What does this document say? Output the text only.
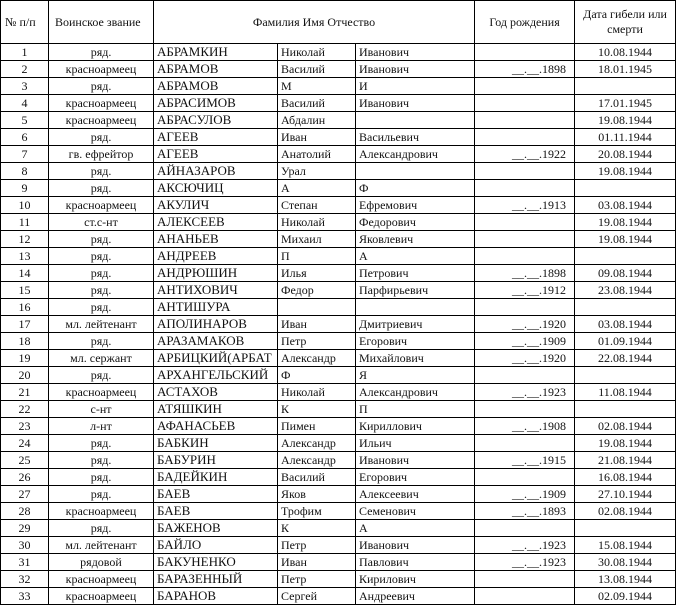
№ п/п	Воинское звание	Фамилия Имя Отчество			Год рождения	Дата гибели или смерти
1	ряд.	АБРАМКИН	Николай	Иванович		10.08.1944
2	красноармеец	АБРАМОВ	Василий	Иванович	__.__.1898	18.01.1945
3	ряд.	АБРАМОВ	М	И		
4	красноармеец	АБРАСИМОВ	Василий	Иванович		17.01.1945
5	красноармеец	АБРАСУЛОВ	Абдалин			19.08.1944
6	ряд.	АГЕЕВ	Иван	Васильевич		01.11.1944
7	гв. ефрейтор	АГЕЕВ	Анатолий	Александрович	__.__.1922	20.08.1944
8	ряд.	АЙНАЗАРОВ	Урал			19.08.1944
9	ряд.	АКСЮЧИЦ	А	Ф		
10	красноармеец	АКУЛИЧ	Степан	Ефремович	__.__.1913	03.08.1944
11	ст.с-нт	АЛЕКСЕЕВ	Николай	Федорович		19.08.1944
12	ряд.	АНАНЬЕВ	Михаил	Яковлевич		19.08.1944
13	ряд.	АНДРЕЕВ	П	А		
14	ряд.	АНДРЮШИН	Илья	Петрович	__.__.1898	09.08.1944
15	ряд.	АНТИХОВИЧ	Федор	Парфирьевич	__.__.1912	23.08.1944
16	ряд.	АНТИШУРА				
17	мл. лейтенант	АПОЛИНАРОВ	Иван	Дмитриевич	__.__.1920	03.08.1944
18	ряд.	АРАЗАМАКОВ	Петр	Егорович	__.__.1909	01.09.1944
19	мл. сержант	АРБИЦКИЙ(АРБАТ	Александр	Михайлович	__.__.1920	22.08.1944
20	ряд.	АРХАНГЕЛЬСКИЙ	Ф	Я		
21	красноармеец	АСТАХОВ	Николай	Александрович	__.__.1923	11.08.1944
22	с-нт	АТЯШКИН	К	П		
23	л-нт	АФАНАСЬЕВ	Пимен	Кириллович	__.__.1908	02.08.1944
24	ряд.	БАБКИН	Александр	Ильич		19.08.1944
25	ряд.	БАБУРИН	Александр	Иванович	__.__.1915	21.08.1944
26	ряд.	БАДЕЙКИН	Василий	Егорович		16.08.1944
27	ряд.	БАЕВ	Яков	Алексеевич	__.__.1909	27.10.1944
28	красноармеец	БАЕВ	Трофим	Семенович	__.__.1893	02.08.1944
29	ряд.	БАЖЕНОВ	К	А		
30	мл. лейтенант	БАЙЛО	Петр	Иванович	__.__.1923	15.08.1944
31	рядовой	БАКУНЕНКО	Иван	Павлович	__.__.1923	30.08.1944
32	красноармеец	БАРАЗЕННЫЙ	Петр	Кирилович		13.08.1944
33	красноармеец	БАРАНОВ	Сергей	Андреевич		02.09.1944
